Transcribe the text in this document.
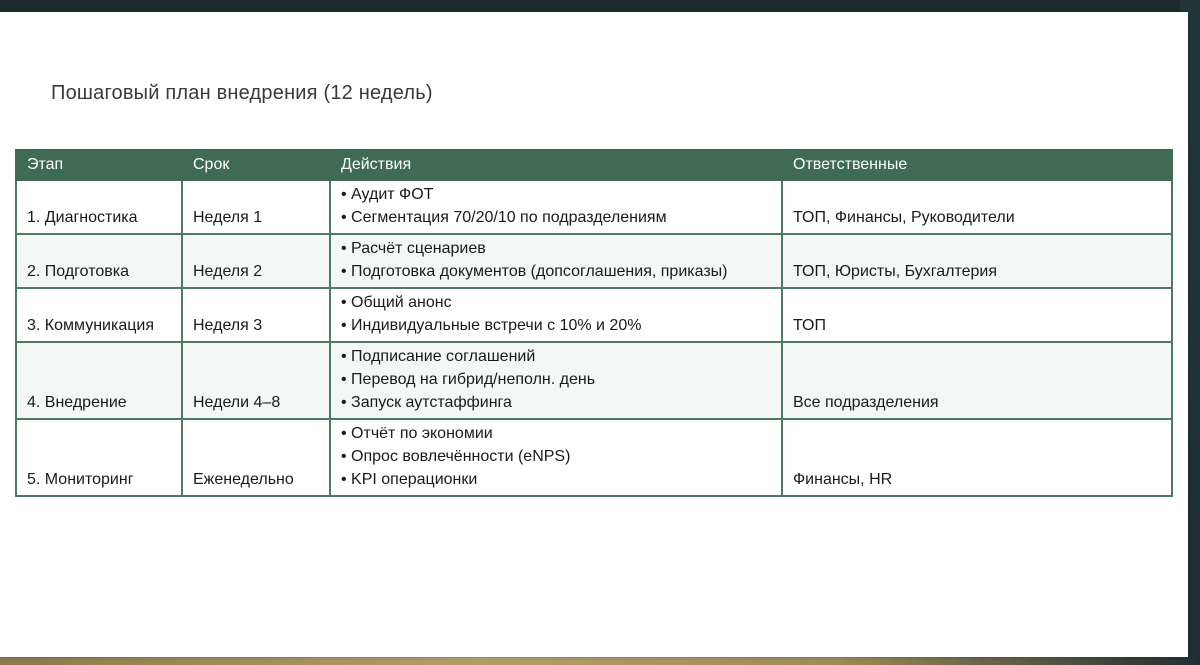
Пошаговый план внедрения (12 недель)
Этап	Срок	Действия	Ответственные
1. Диагностика	Неделя 1	• Аудит ФОТ
• Сегментация 70/20/10 по подразделениям	ТОП, Финансы, Руководители
2. Подготовка	Неделя 2	• Расчёт сценариев
• Подготовка документов (допсоглашения, приказы)	ТОП, Юристы, Бухгалтерия
3. Коммуникация	Неделя 3	• Общий анонс
• Индивидуальные встречи с 10% и 20%	ТОП
4. Внедрение	Недели 4–8	• Подписание соглашений
• Перевод на гибрид/неполн. день
• Запуск аутстаффинга	Все подразделения
5. Мониторинг	Еженедельно	• Отчёт по экономии
• Опрос вовлечённости (eNPS)
• KPI операционки	Финансы, HR
